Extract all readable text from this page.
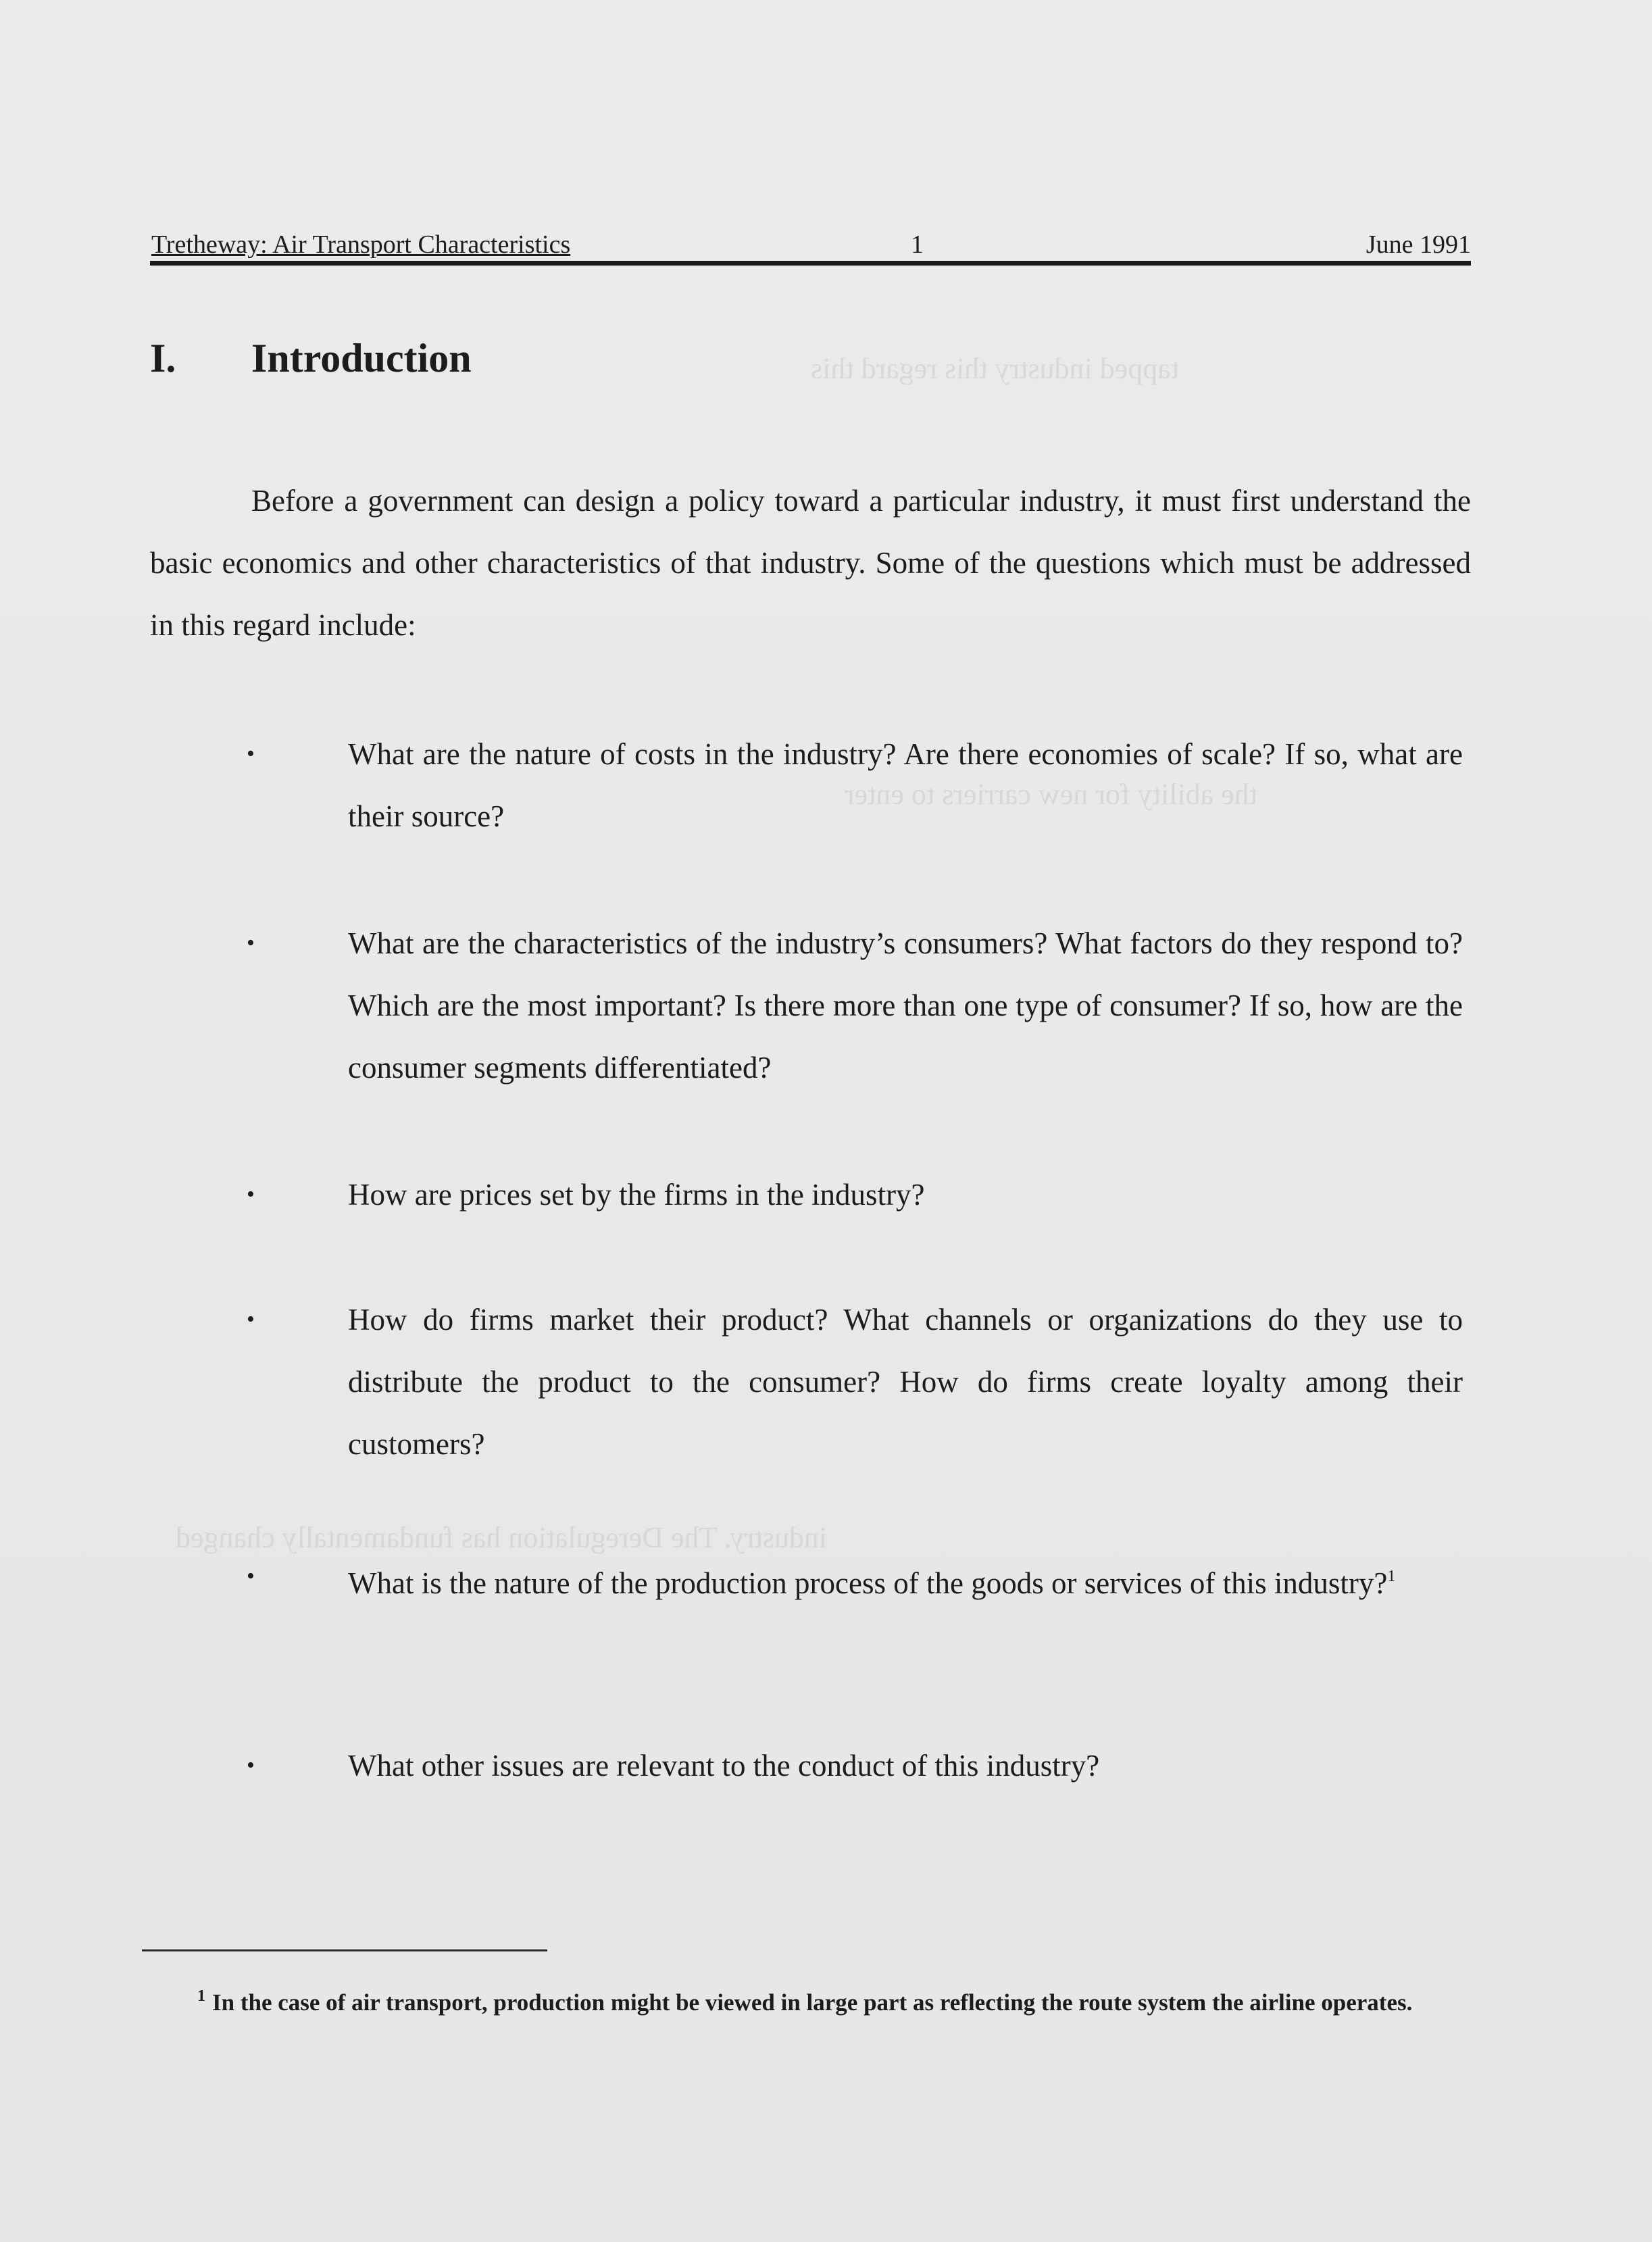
tapped industry this regard this
the ability for new carriers to enter
industry. The Deregulation has fundamentally changed
Tretheway: Air Transport Characteristics	1	June 1991
I. Introduction
Before a government can design a policy toward a particular industry, it must first understand the basic economics and other characteristics of that industry. Some of the questions which must be addressed in this regard include:
•	What are the nature of costs in the industry? Are there economies of scale? If so, what are their source?
•	What are the characteristics of the industry’s consumers? What factors do they respond to? Which are the most important? Is there more than one type of consumer? If so, how are the consumer segments differentiated?
•	How are prices set by the firms in the industry?
•	How do firms market their product? What channels or organizations do they use to distribute the product to the consumer? How do firms create loyalty among their customers?
•	What is the nature of the production process of the goods or services of this industry?$^1$
•	What other issues are relevant to the conduct of this industry?
$^1$ In the case of air transport, production might be viewed in large part as reflecting the route system the airline operates.
